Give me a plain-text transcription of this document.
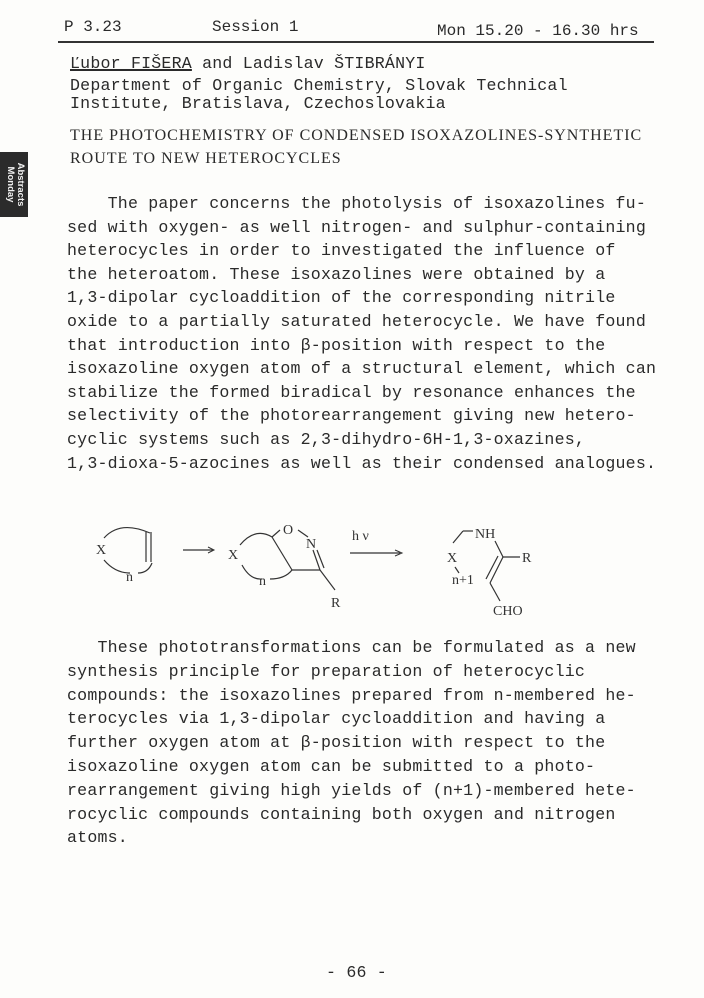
P 3.23	Session 1	Mon 15.20 - 16.30 hrs
Abstracts
Monday
Ľubor FIŠERA and Ladislav ŠTIBRÁNYI
Department of Organic Chemistry, Slovak Technical
Institute, Bratislava, Czechoslovakia
THE PHOTOCHEMISTRY OF CONDENSED ISOXAZOLINES-SYNTHETIC
ROUTE TO NEW HETEROCYCLES
The paper concerns the photolysis of isoxazolines fu-
sed with oxygen- as well nitrogen- and sulphur-containing
heterocycles in order to investigated the influence of
the heteroatom. These isoxazolines were obtained by a
1,3-dipolar cycloaddition of the corresponding nitrile
oxide to a partially saturated heterocycle. We have found
that introduction into β-position with respect to the
isoxazoline oxygen atom of a structural element, which can
stabilize the formed biradical by resonance enhances the
selectivity of the photorearrangement giving new hetero-
cyclic systems such as 2,3-dihydro-6H-1,3-oxazines,
1,3-dioxa-5-azocines as well as their condensed analogues.
X
n
X
O
N
n
R
h ν	NH
R
X
n+1
CHO
These phototransformations can be formulated as a new
synthesis principle for preparation of heterocyclic
compounds: the isoxazolines prepared from n-membered he-
terocycles via 1,3-dipolar cycloaddition and having a
further oxygen atom at β-position with respect to the
isoxazoline oxygen atom can be submitted to a photo-
rearrangement giving high yields of (n+1)-membered hete-
rocyclic compounds containing both oxygen and nitrogen
atoms.
- 66 -
